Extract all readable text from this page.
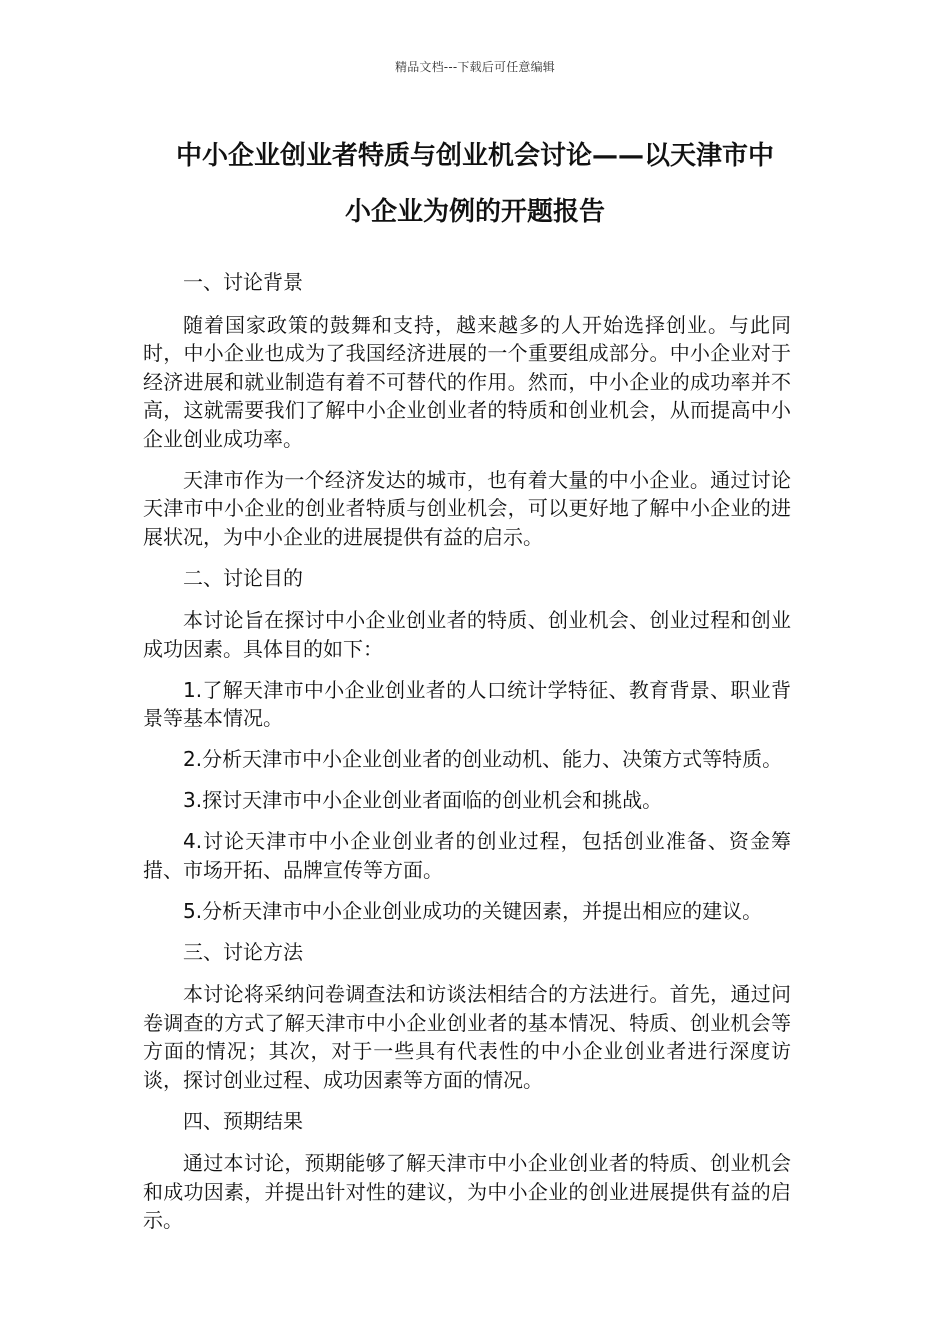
精品文档---下载后可任意编辑
中小企业创业者特质与创业机会讨论——以天津市中
小企业为例的开题报告

一、讨论背景

随着国家政策的鼓舞和支持，越来越多的人开始选择创业。与此同时，中小企业也成为了我国经济进展的一个重要组成部分。中小企业对于经济进展和就业制造有着不可替代的作用。然而，中小企业的成功率并不高，这就需要我们了解中小企业创业者的特质和创业机会，从而提高中小企业创业成功率。

天津市作为一个经济发达的城市，也有着大量的中小企业。通过讨论天津市中小企业的创业者特质与创业机会，可以更好地了解中小企业的进展状况，为中小企业的进展提供有益的启示。

二、讨论目的

本讨论旨在探讨中小企业创业者的特质、创业机会、创业过程和创业成功因素。具体目的如下：

1.了解天津市中小企业创业者的人口统计学特征、教育背景、职业背景等基本情况。

2.分析天津市中小企业创业者的创业动机、能力、决策方式等特质。

3.探讨天津市中小企业创业者面临的创业机会和挑战。

4.讨论天津市中小企业创业者的创业过程，包括创业准备、资金筹措、市场开拓、品牌宣传等方面。

5.分析天津市中小企业创业成功的关键因素，并提出相应的建议。

三、讨论方法

本讨论将采纳问卷调查法和访谈法相结合的方法进行。首先，通过问卷调查的方式了解天津市中小企业创业者的基本情况、特质、创业机会等方面的情况；其次，对于一些具有代表性的中小企业创业者进行深度访谈，探讨创业过程、成功因素等方面的情况。

四、预期结果

通过本讨论，预期能够了解天津市中小企业创业者的特质、创业机会和成功因素，并提出针对性的建议，为中小企业的创业进展提供有益的启示。
